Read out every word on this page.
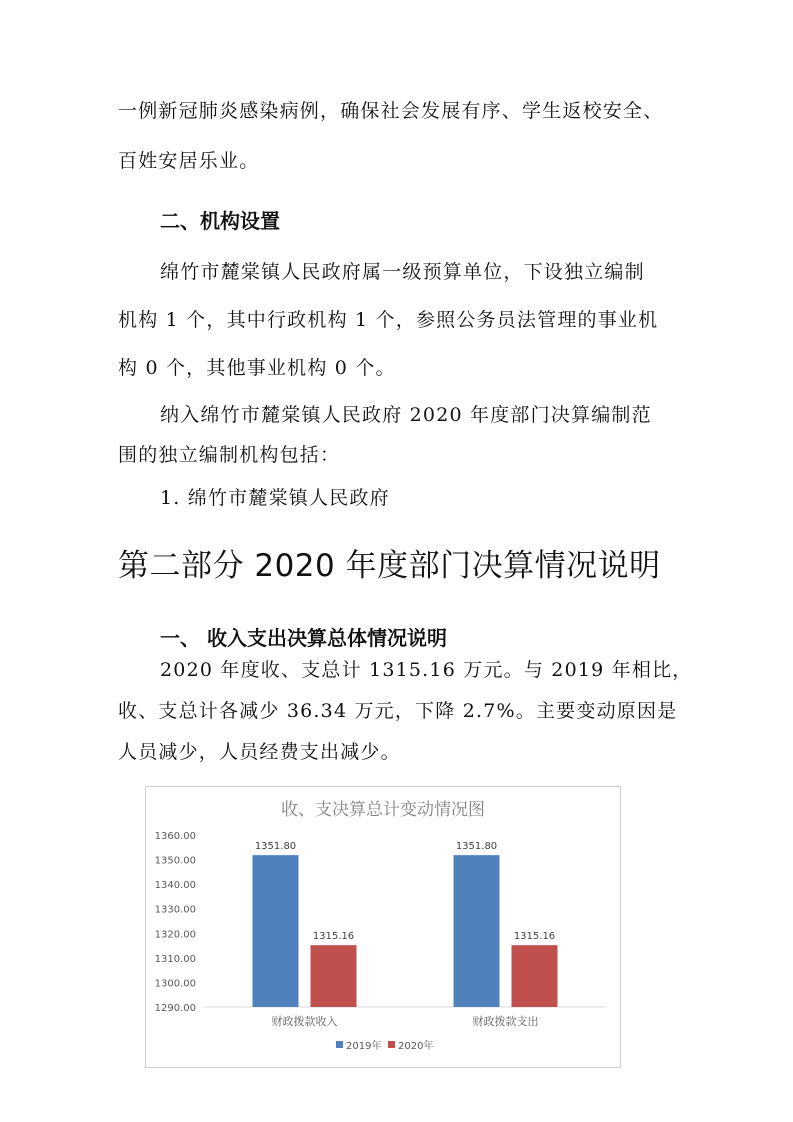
一例新冠肺炎感染病例，确保社会发展有序、学生返校安全、
百姓安居乐业。
二、机构设置
绵竹市麓棠镇人民政府属一级预算单位，下设独立编制
机构 1 个，其中行政机构 1 个，参照公务员法管理的事业机
构 0 个，其他事业机构 0 个。
纳入绵竹市麓棠镇人民政府 2020 年度部门决算编制范
围的独立编制机构包括：
1. 绵竹市麓棠镇人民政府
第二部分 2020 年度部门决算情况说明
一、 收入支出决算总体情况说明
2020 年度收、支总计 1315.16 万元。与 2019 年相比，
收、支总计各减少 36.34 万元，下降 2.7%。主要变动原因是
人员减少，人员经费支出减少。
收、支决算总计变动情况图
1290.00
1300.00
1310.00
1320.00
1330.00
1340.00
1350.00
1360.00
1351.80
1315.16
1351.80
1315.16
财政拨款收入	财政拨款支出
2019年 2020年
